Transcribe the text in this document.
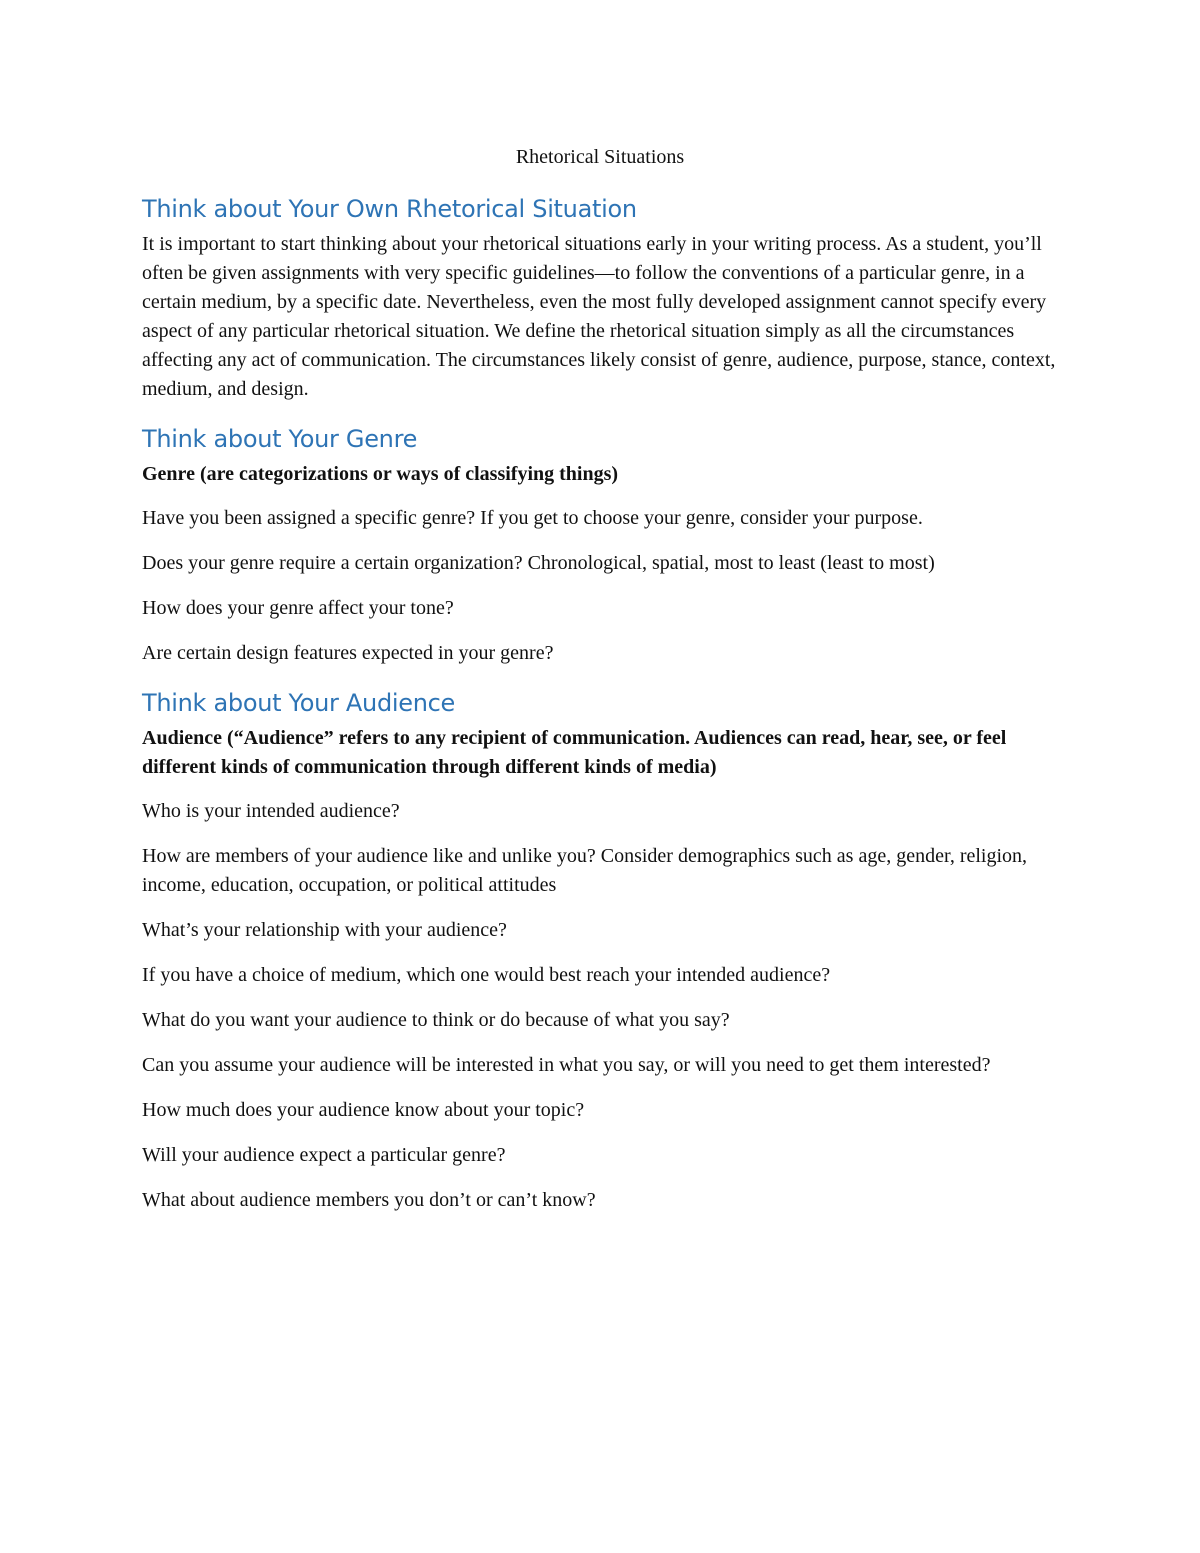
Rhetorical Situations
Think about Your Own Rhetorical Situation

It is important to start thinking about your rhetorical situations early in your writing process. As a student, you’ll often be given assignments with very specific guidelines—to follow the conventions of a particular genre, in a certain medium, by a specific date. Nevertheless, even the most fully developed assignment cannot specify every aspect of any particular rhetorical situation. We define the rhetorical situation simply as all the circumstances affecting any act of communication. The circumstances likely consist of genre, audience, purpose, stance, context, medium, and design.

Think about Your Genre

Genre (are categorizations or ways of classifying things)

Have you been assigned a specific genre? If you get to choose your genre, consider your purpose.

Does your genre require a certain organization? Chronological, spatial, most to least (least to most)

How does your genre affect your tone?

Are certain design features expected in your genre?

Think about Your Audience

Audience (“Audience” refers to any recipient of communication. Audiences can read, hear, see, or feel different kinds of communication through different kinds of media)

Who is your intended audience?

How are members of your audience like and unlike you? Consider demographics such as age, gender, religion, income, education, occupation, or political attitudes

What’s your relationship with your audience?

If you have a choice of medium, which one would best reach your intended audience?

What do you want your audience to think or do because of what you say?

Can you assume your audience will be interested in what you say, or will you need to get them interested?

How much does your audience know about your topic?

Will your audience expect a particular genre?

What about audience members you don’t or can’t know?
